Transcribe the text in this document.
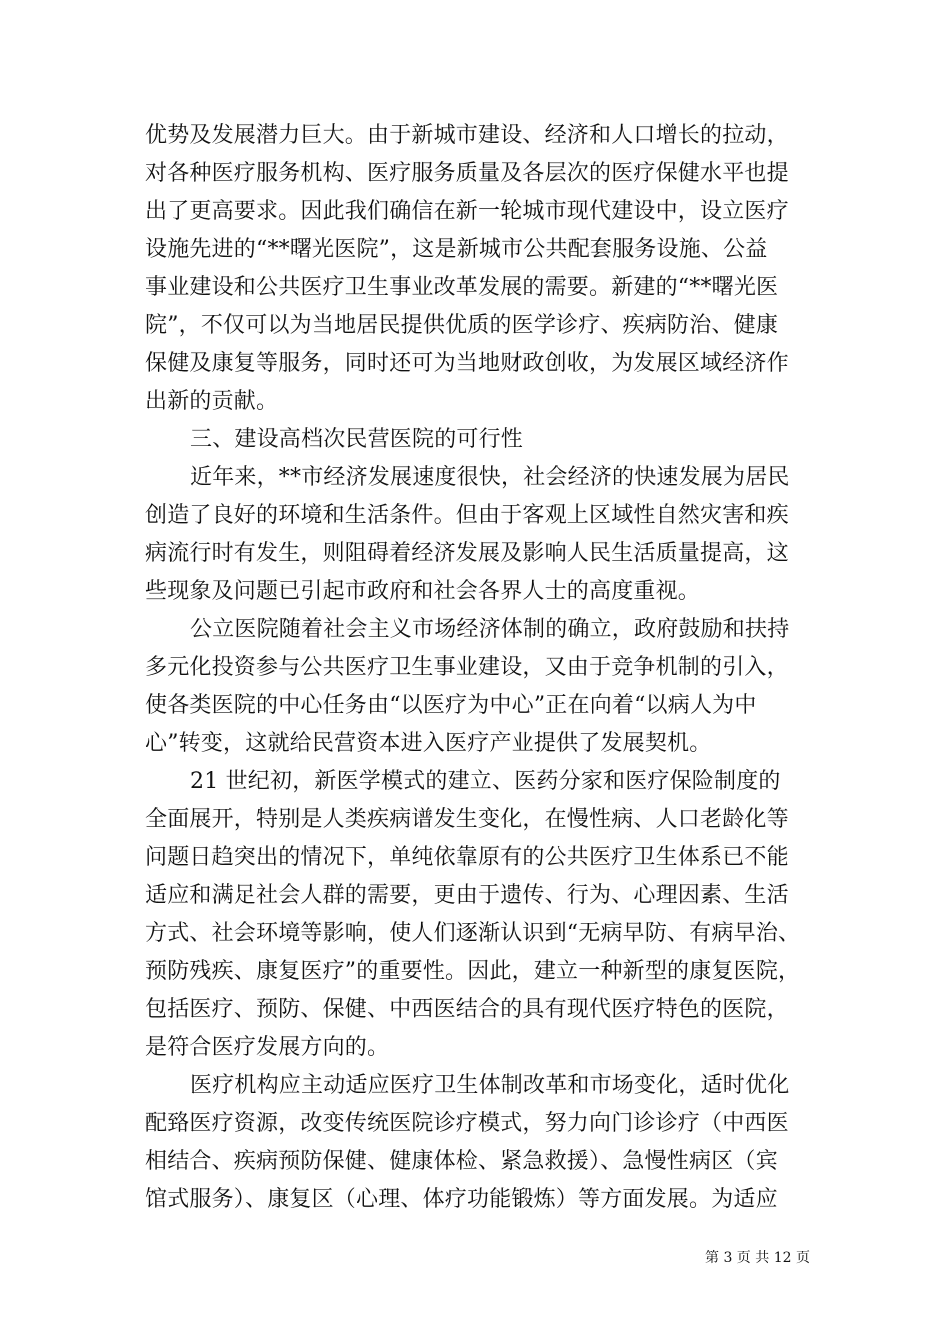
优势及发展潜力巨大。由于新城市建设、经济和人口增长的拉动，
对各种医疗服务机构、医疗服务质量及各层次的医疗保健水平也提
出了更高要求。因此我们确信在新一轮城市现代建设中，设立医疗
设施先进的“**曙光医院”，这是新城市公共配套服务设施、公益
事业建设和公共医疗卫生事业改革发展的需要。新建的“**曙光医
院”，不仅可以为当地居民提供优质的医学诊疗、疾病防治、健康
保健及康复等服务，同时还可为当地财政创收，为发展区域经济作
出新的贡献。
三、建设高档次民营医院的可行性
近年来，**市经济发展速度很快，社会经济的快速发展为居民
创造了良好的环境和生活条件。但由于客观上区域性自然灾害和疾
病流行时有发生，则阻碍着经济发展及影响人民生活质量提高，这
些现象及问题已引起市政府和社会各界人士的高度重视。
公立医院随着社会主义市场经济体制的确立，政府鼓励和扶持
多元化投资参与公共医疗卫生事业建设，又由于竞争机制的引入，
使各类医院的中心任务由“以医疗为中心”正在向着“以病人为中
心”转变，这就给民营资本进入医疗产业提供了发展契机。
21 世纪初，新医学模式的建立、医药分家和医疗保险制度的
全面展开，特别是人类疾病谱发生变化，在慢性病、人口老龄化等
问题日趋突出的情况下，单纯依靠原有的公共医疗卫生体系已不能
适应和满足社会人群的需要，更由于遗传、行为、心理因素、生活
方式、社会环境等影响，使人们逐渐认识到“无病早防、有病早治、
预防残疾、康复医疗”的重要性。因此，建立一种新型的康复医院，
包括医疗、预防、保健、中西医结合的具有现代医疗特色的医院，
是符合医疗发展方向的。
医疗机构应主动适应医疗卫生体制改革和市场变化，适时优化
配臵医疗资源，改变传统医院诊疗模式，努力向门诊诊疗（中西医
相结合、疾病预防保健、健康体检、紧急救援）、急慢性病区（宾
馆式服务）、康复区（心理、体疗功能锻炼）等方面发展。为适应
第 3 页 共 12 页
